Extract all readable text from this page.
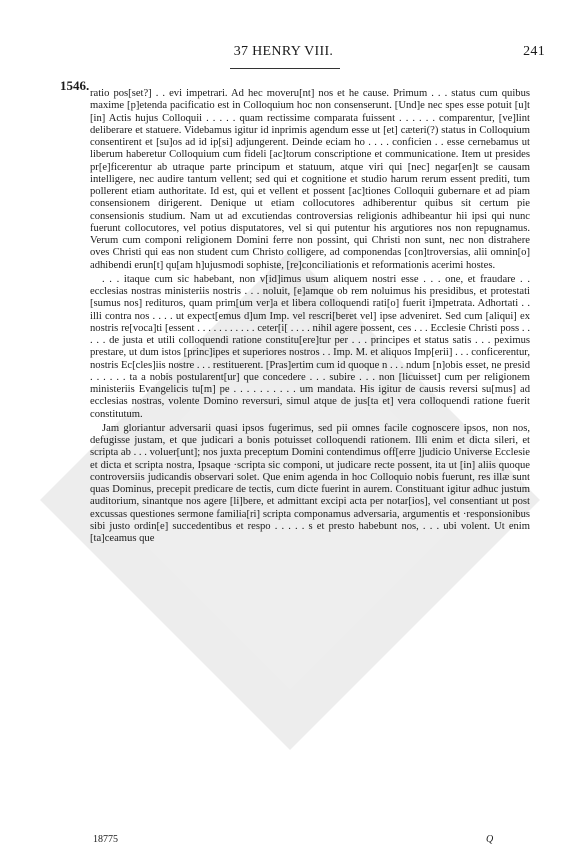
37 HENRY VIII.	241
1546.

ratio pos[set?] . . evi impetrari. Ad hec moveru[nt] nos et he cause. Primum . . . status cum quibus maxime [p]etenda pacificatio est in Colloquium hoc non consenserunt. [Und]e nec spes esse potuit [u]t [in] Actis hujus Colloquii . . . . . quam rectissime comparata fuissent . . . . . . comparentur, [ve]lint deliberare et statuere. Videbamus igitur id inprimis agendum esse ut [et] cæteri(?) status in Colloquium consentirent et [su]os ad id ip[si] adjungerent. Deinde eciam ho . . . . conficien . . esse cernebamus ut liberum haberetur Colloquium cum fideli [ac]torum conscriptione et communicatione. Item ut presides pr[e]ficerentur ab utraque parte principum et statuum, atque viri qui [nec] negar[en]t se causam intelligere, nec audire tantum vellent; sed qui et cognitione et studio harum rerum essent prediti, tum pollerent etiam authoritate. Id est, qui et vellent et possent [ac]tiones Colloquii gubernare et ad piam consensionem dirigerent. Denique ut etiam collocutores adhiberentur quibus sit certum pie consensionis studium. Nam ut ad excutiendas controversias religionis adhibeantur hii ipsi qui nunc fuerunt collocutores, vel potius disputatores, vel si qui putentur his argutiores nos non repugnamus. Verum cum componi religionem Domini ferre non possint, qui Christi non sunt, nec non distrahere oves Christi qui eas non student cum Christo colligere, ad componendas [con]troversias, alii omnin[o] adhibendi erun[t] qu[am h]ujusmodi sophiste, [re]conciliationis et reformationis acerimi hostes.

. . . itaque cum sic habebant, non v[id]imus usum aliquem nostri esse . . . one, et fraudare . . ecclesias nostras ministeriis nostris . . . noluit, [e]amque ob rem noluimus his presidibus, et protestati [sumus nos] redituros, quam prim[um ver]a et libera colloquendi rati[o] fuerit i]mpetrata. Adhortati . . illi contra nos . . . . ut expect[emus d]um Imp. vel rescri[beret vel] ipse adveniret. Sed cum [aliqui] ex nostris re[voca]ti [essent . . . . . . . . . . . ceter[i[ . . . . nihil agere possent, ces . . . Ecclesie Christi poss . . . . . de justa et utili colloquendi ratione constitu[ere]tur per . . . principes et status satis . . . peximus prestare, ut dum istos [princ]ipes et superiores nostros . . Imp. M. et aliquos Imp[erii] . . . conficerentur, nostris Ec[cles]iis nostre . . . restituerent. [Pras]ertim cum id quoque n . . . ndum [n]obis esset, ne presid . . . . . . ta a nobis postularent[ur] que concedere . . . subire . . . non [licuisset] cum per religionem ministeriis Evangelicis tu[m] pe . . . . . . . . . . um mandata. His igitur de causis reversi su[mus] ad ecclesias nostras, volente Domino reversuri, simul atque de jus[ta et] vera colloquendi ratione fuerit constitutum.

Jam gloriantur adversarii quasi ipsos fugerimus, sed pii omnes facile cognoscere ipsos, non nos, defugisse justam, et que judicari a bonis potuisset colloquendi rationem. Illi enim et dicta sileri, et scripta ab . . . voluer[unt]; nos juxta preceptum Domini contendimus off[erre ]judicio Universe Ecclesie et dicta et scripta nostra, Ipsaque ·scripta sic componi, ut judicare recte possent, ita ut [in] aliis quoque controversiis judicandis observari solet. Que enim agenda in hoc Colloquio nobis fuerunt, res illæ sunt quas Dominus, precepit predicare de tectis, cum dicte fuerint in aurem. Constituant igitur adhuc justum auditorium, sinantque nos agere [li]bere, et admittant excipi acta per notar[ios], vel consentiant ut post excussas questiones sermone familia[ri] scripta componamus adversaria, argumentis et ·responsionibus sibi justo ordin[e] succedentibus et respo . . . . . s et presto habebunt nos, . . . ubi volent. Ut enim [ta]ceamus que

18775	Q
